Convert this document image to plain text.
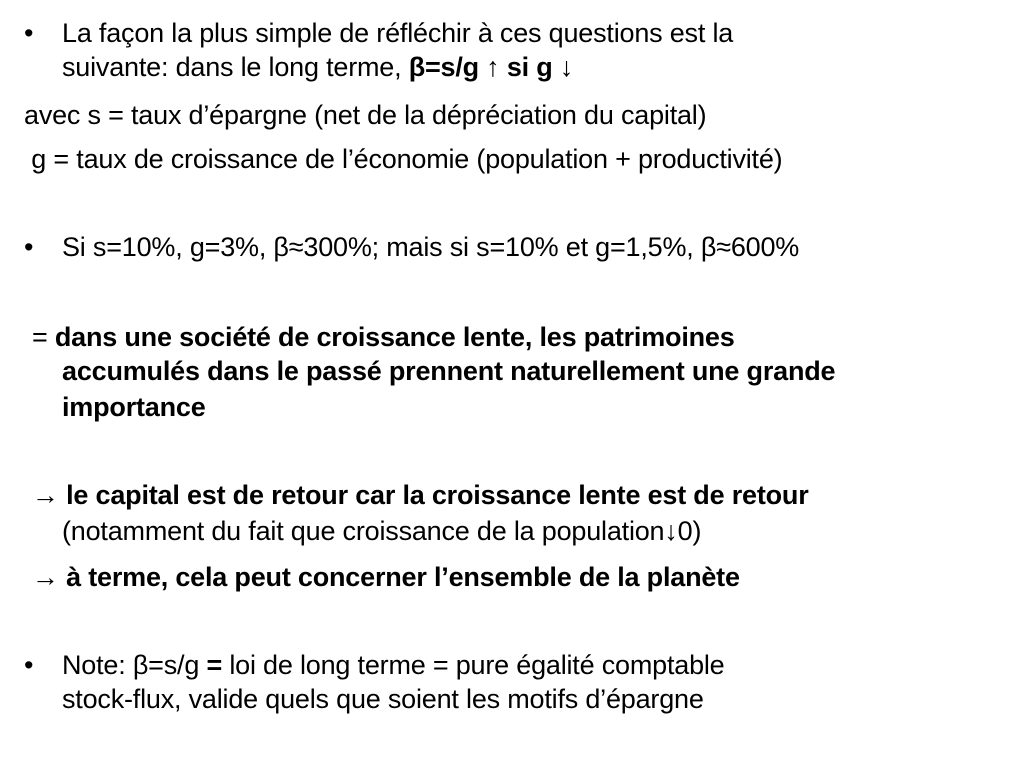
• La façon la plus simple de réfléchir à ces questions est la
suivante: dans le long terme, β=s/g ↑ si g ↓
avec s = taux d’épargne (net de la dépréciation du capital)
g = taux de croissance de l’économie (population + productivité)
• Si s=10%, g=3%, β≈300%; mais si s=10% et g=1,5%, β≈600%
= dans une société de croissance lente, les patrimoines
accumulés dans le passé prennent naturellement une grande
importance
→ le capital est de retour car la croissance lente est de retour
(notamment du fait que croissance de la population↓0)
→ à terme, cela peut concerner l’ensemble de la planète
• Note: β=s/g = loi de long terme = pure égalité comptable
stock-flux, valide quels que soient les motifs d’épargne
